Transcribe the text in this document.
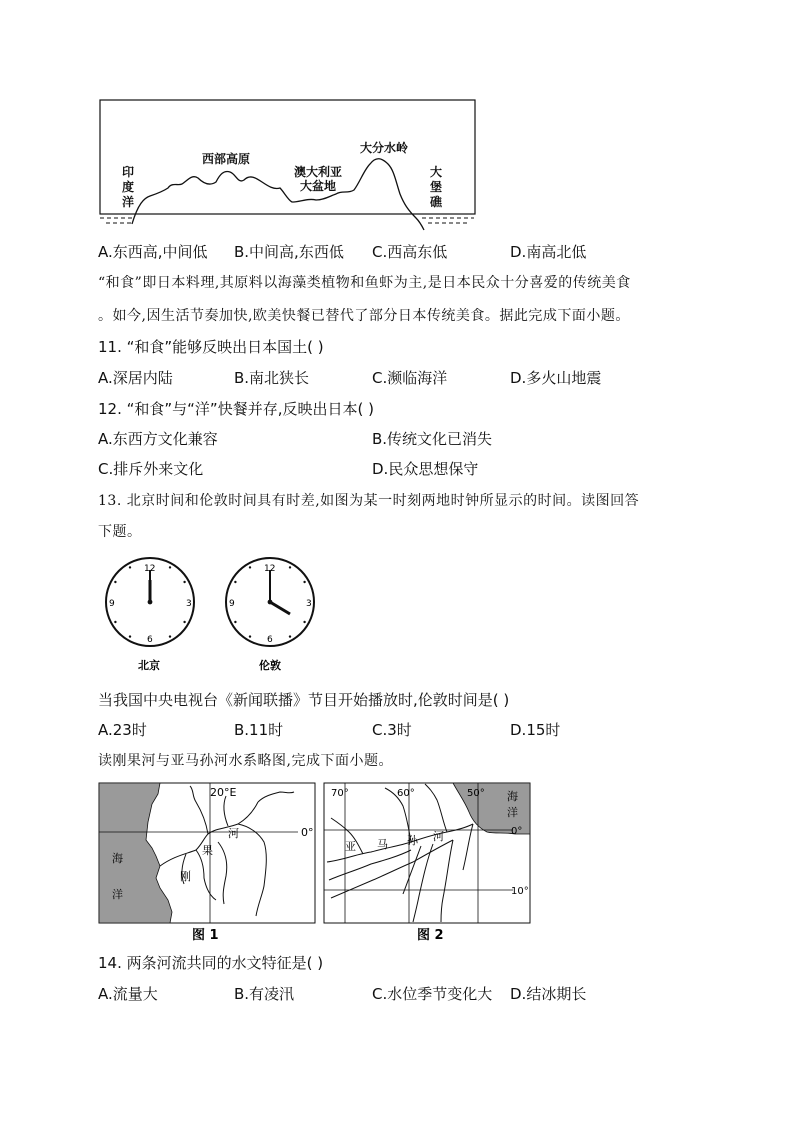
印
度
洋
大
堡
礁
西部高原
澳大利亚
大盆地
大分水岭
A.东西高,中间低 B.中间高,东西低 C.西高东低	D.南高北低
“和食”即日本料理,其原料以海藻类植物和鱼虾为主,是日本民众十分喜爱的传统美食
。如今,因生活节奏加快,欧美快餐已替代了部分日本传统美食。据此完成下面小题。
11. “和食”能够反映出日本国土( )
A.深居内陆	B.南北狭长	C.濒临海洋	D.多火山地震
12. “和食”与“洋”快餐并存,反映出日本( )
A.东西方文化兼容	B.传统文化已消失
C.排斥外来文化	D.民众思想保守
13. 北京时间和伦敦时间具有时差,如图为某一时刻两地时钟所显示的时间。读图回答
下题。
12
3
6
9
12
3
6
9
北京	伦敦
当我国中央电视台《新闻联播》节目开始播放时,伦敦时间是( )
A.23时	B.11时	C.3时	D.15时
读刚果河与亚马孙河水系略图,完成下面小题。
20°E
0°
河
果
刚
海
洋
图 1
70°	60°	50°
0°
10°
亚 马 孙 河
海
洋
图 2
14. 两条河流共同的水文特征是( )
A.流量大	B.有凌汛	C.水位季节变化大 D.结冰期长
